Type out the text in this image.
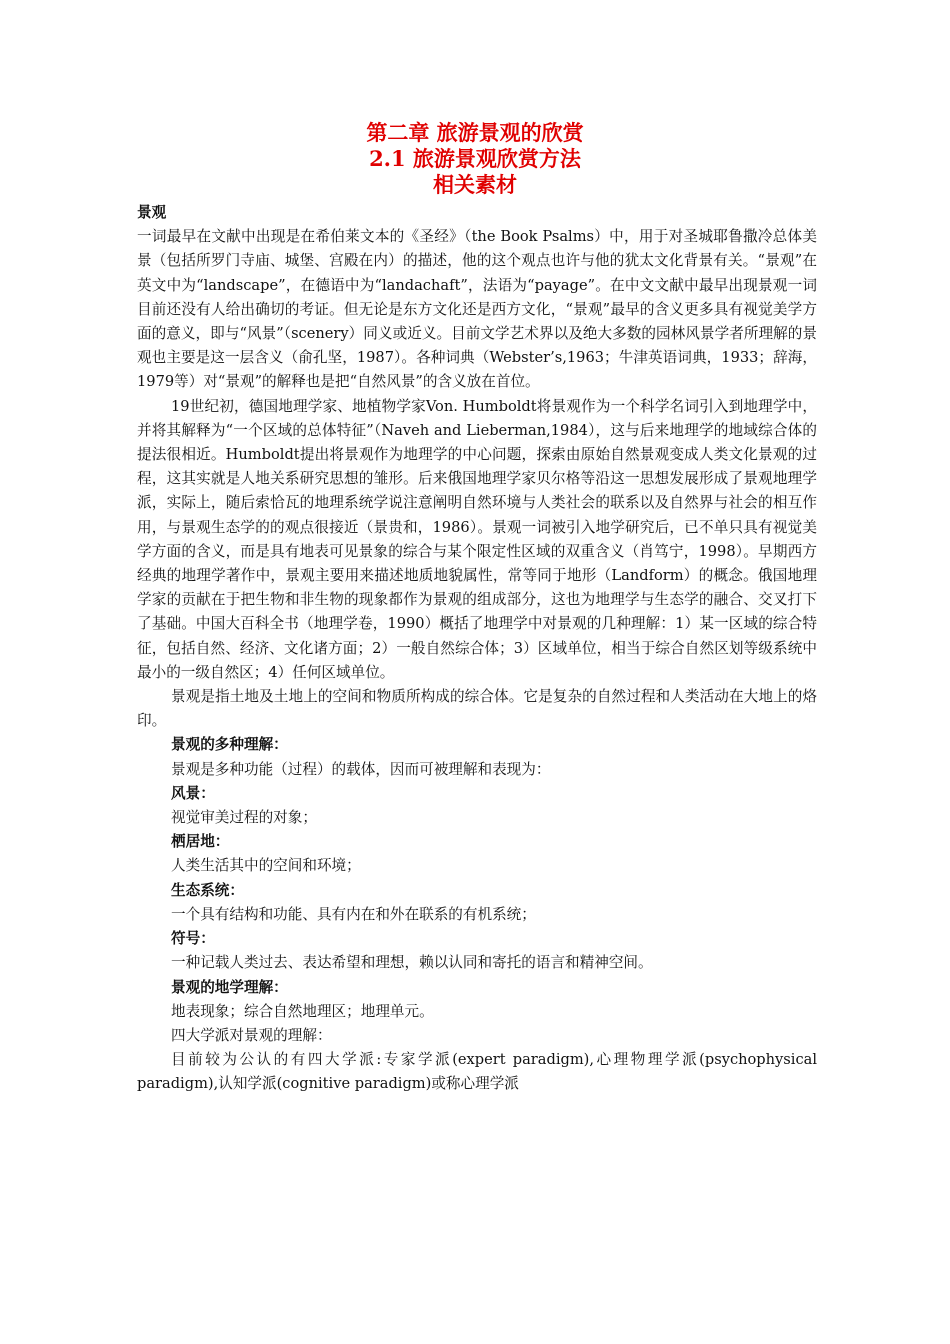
第二章 旅游景观的欣赏
2.1 旅游景观欣赏方法
相关素材

景观

一词最早在文献中出现是在希伯莱文本的《圣经》（the Book Psalms）中，用于对圣城耶鲁撒冷总体美景（包括所罗门寺庙、城堡、宫殿在内）的描述，他的这个观点也许与他的犹太文化背景有关。“景观”在英文中为“landscape”，在德语中为“landachaft”，法语为“payage”。在中文文献中最早出现景观一词目前还没有人给出确切的考证。但无论是东方文化还是西方文化，“景观”最早的含义更多具有视觉美学方面的意义，即与“风景”（scenery）同义或近义。目前文学艺术界以及绝大多数的园林风景学者所理解的景观也主要是这一层含义（俞孔坚，1987）。各种词典（Webster’s,1963；牛津英语词典，1933；辞海，1979等）对“景观”的解释也是把“自然风景”的含义放在首位。

19世纪初，德国地理学家、地植物学家Von. Humboldt将景观作为一个科学名词引入到地理学中，并将其解释为“一个区域的总体特征”（Naveh and Lieberman,1984），这与后来地理学的地域综合体的提法很相近。Humboldt提出将景观作为地理学的中心问题，探索由原始自然景观变成人类文化景观的过程，这其实就是人地关系研究思想的雏形。后来俄国地理学家贝尔格等沿这一思想发展形成了景观地理学派，实际上，随后索恰瓦的地理系统学说注意阐明自然环境与人类社会的联系以及自然界与社会的相互作用，与景观生态学的的观点很接近（景贵和，1986）。景观一词被引入地学研究后，已不单只具有视觉美学方面的含义，而是具有地表可见景象的综合与某个限定性区域的双重含义（肖笃宁，1998）。早期西方经典的地理学著作中，景观主要用来描述地质地貌属性，常等同于地形（Landform）的概念。俄国地理学家的贡献在于把生物和非生物的现象都作为景观的组成部分，这也为地理学与生态学的融合、交叉打下了基础。中国大百科全书（地理学卷，1990）概括了地理学中对景观的几种理解：1）某一区域的综合特征，包括自然、经济、文化诸方面；2）一般自然综合体；3）区域单位，相当于综合自然区划等级系统中最小的一级自然区；4）任何区域单位。

景观是指土地及土地上的空间和物质所构成的综合体。它是复杂的自然过程和人类活动在大地上的烙印。

景观的多种理解：

景观是多种功能（过程）的载体，因而可被理解和表现为：

风景：

视觉审美过程的对象；

栖居地：

人类生活其中的空间和环境；

生态系统：

一个具有结构和功能、具有内在和外在联系的有机系统；

符号：

一种记载人类过去、表达希望和理想，赖以认同和寄托的语言和精神空间。

景观的地学理解：

地表现象；综合自然地理区；地理单元。

四大学派对景观的理解：

目前较为公认的有四大学派:专家学派(expert paradigm),心理物理学派(psychophysical paradigm),认知学派(cognitive paradigm)或称心理学派
